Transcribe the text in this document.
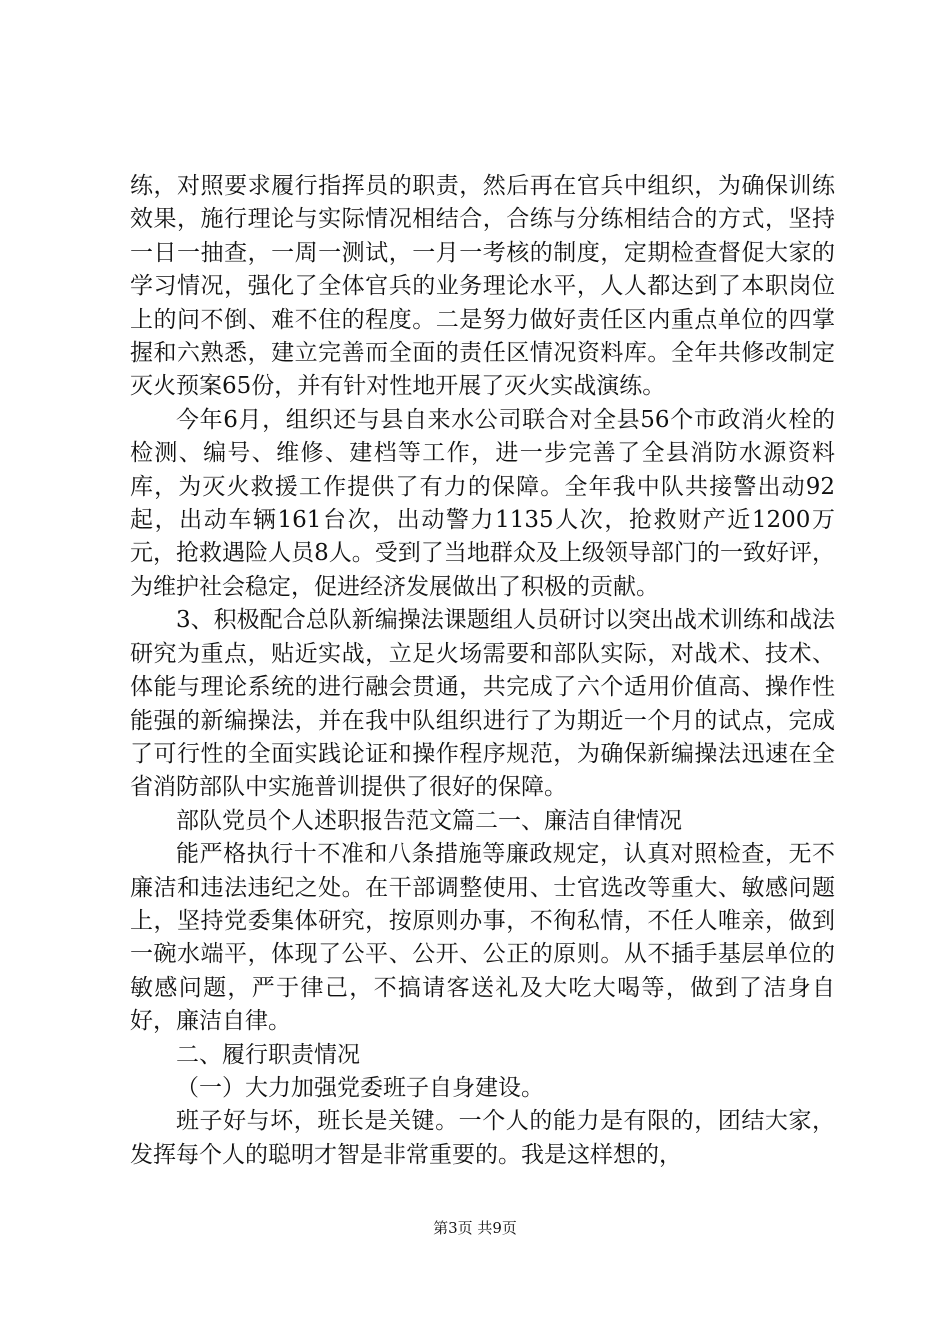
练，对照要求履行指挥员的职责，然后再在官兵中组织，为确保训练效果，施行理论与实际情况相结合，合练与分练相结合的方式，坚持一日一抽查，一周一测试，一月一考核的制度，定期检查督促大家的学习情况，强化了全体官兵的业务理论水平，人人都达到了本职岗位上的问不倒、难不住的程度。二是努力做好责任区内重点单位的四掌握和六熟悉，建立完善而全面的责任区情况资料库。全年共修改制定灭火预案65份，并有针对性地开展了灭火实战演练。

今年6月，组织还与县自来水公司联合对全县56个市政消火栓的检测、编号、维修、建档等工作，进一步完善了全县消防水源资料库，为灭火救援工作提供了有力的保障。全年我中队共接警出动92起，出动车辆161台次，出动警力1135人次，抢救财产近1200万元，抢救遇险人员8人。受到了当地群众及上级领导部门的一致好评，为维护社会稳定，促进经济发展做出了积极的贡献。

3、积极配合总队新编操法课题组人员研讨以突出战术训练和战法研究为重点，贴近实战，立足火场需要和部队实际，对战术、技术、体能与理论系统的进行融会贯通，共完成了六个适用价值高、操作性能强的新编操法，并在我中队组织进行了为期近一个月的试点，完成了可行性的全面实践论证和操作程序规范，为确保新编操法迅速在全省消防部队中实施普训提供了很好的保障。

部队党员个人述职报告范文篇二一、廉洁自律情况

能严格执行十不准和八条措施等廉政规定，认真对照检查，无不廉洁和违法违纪之处。在干部调整使用、士官选改等重大、敏感问题上，坚持党委集体研究，按原则办事，不徇私情，不任人唯亲，做到一碗水端平，体现了公平、公开、公正的原则。从不插手基层单位的敏感问题，严于律己，不搞请客送礼及大吃大喝等，做到了洁身自好，廉洁自律。

二、履行职责情况

（一）大力加强党委班子自身建设。

班子好与坏，班长是关键。一个人的能力是有限的，团结大家，发挥每个人的聪明才智是非常重要的。我是这样想的，

第3页 共9页
